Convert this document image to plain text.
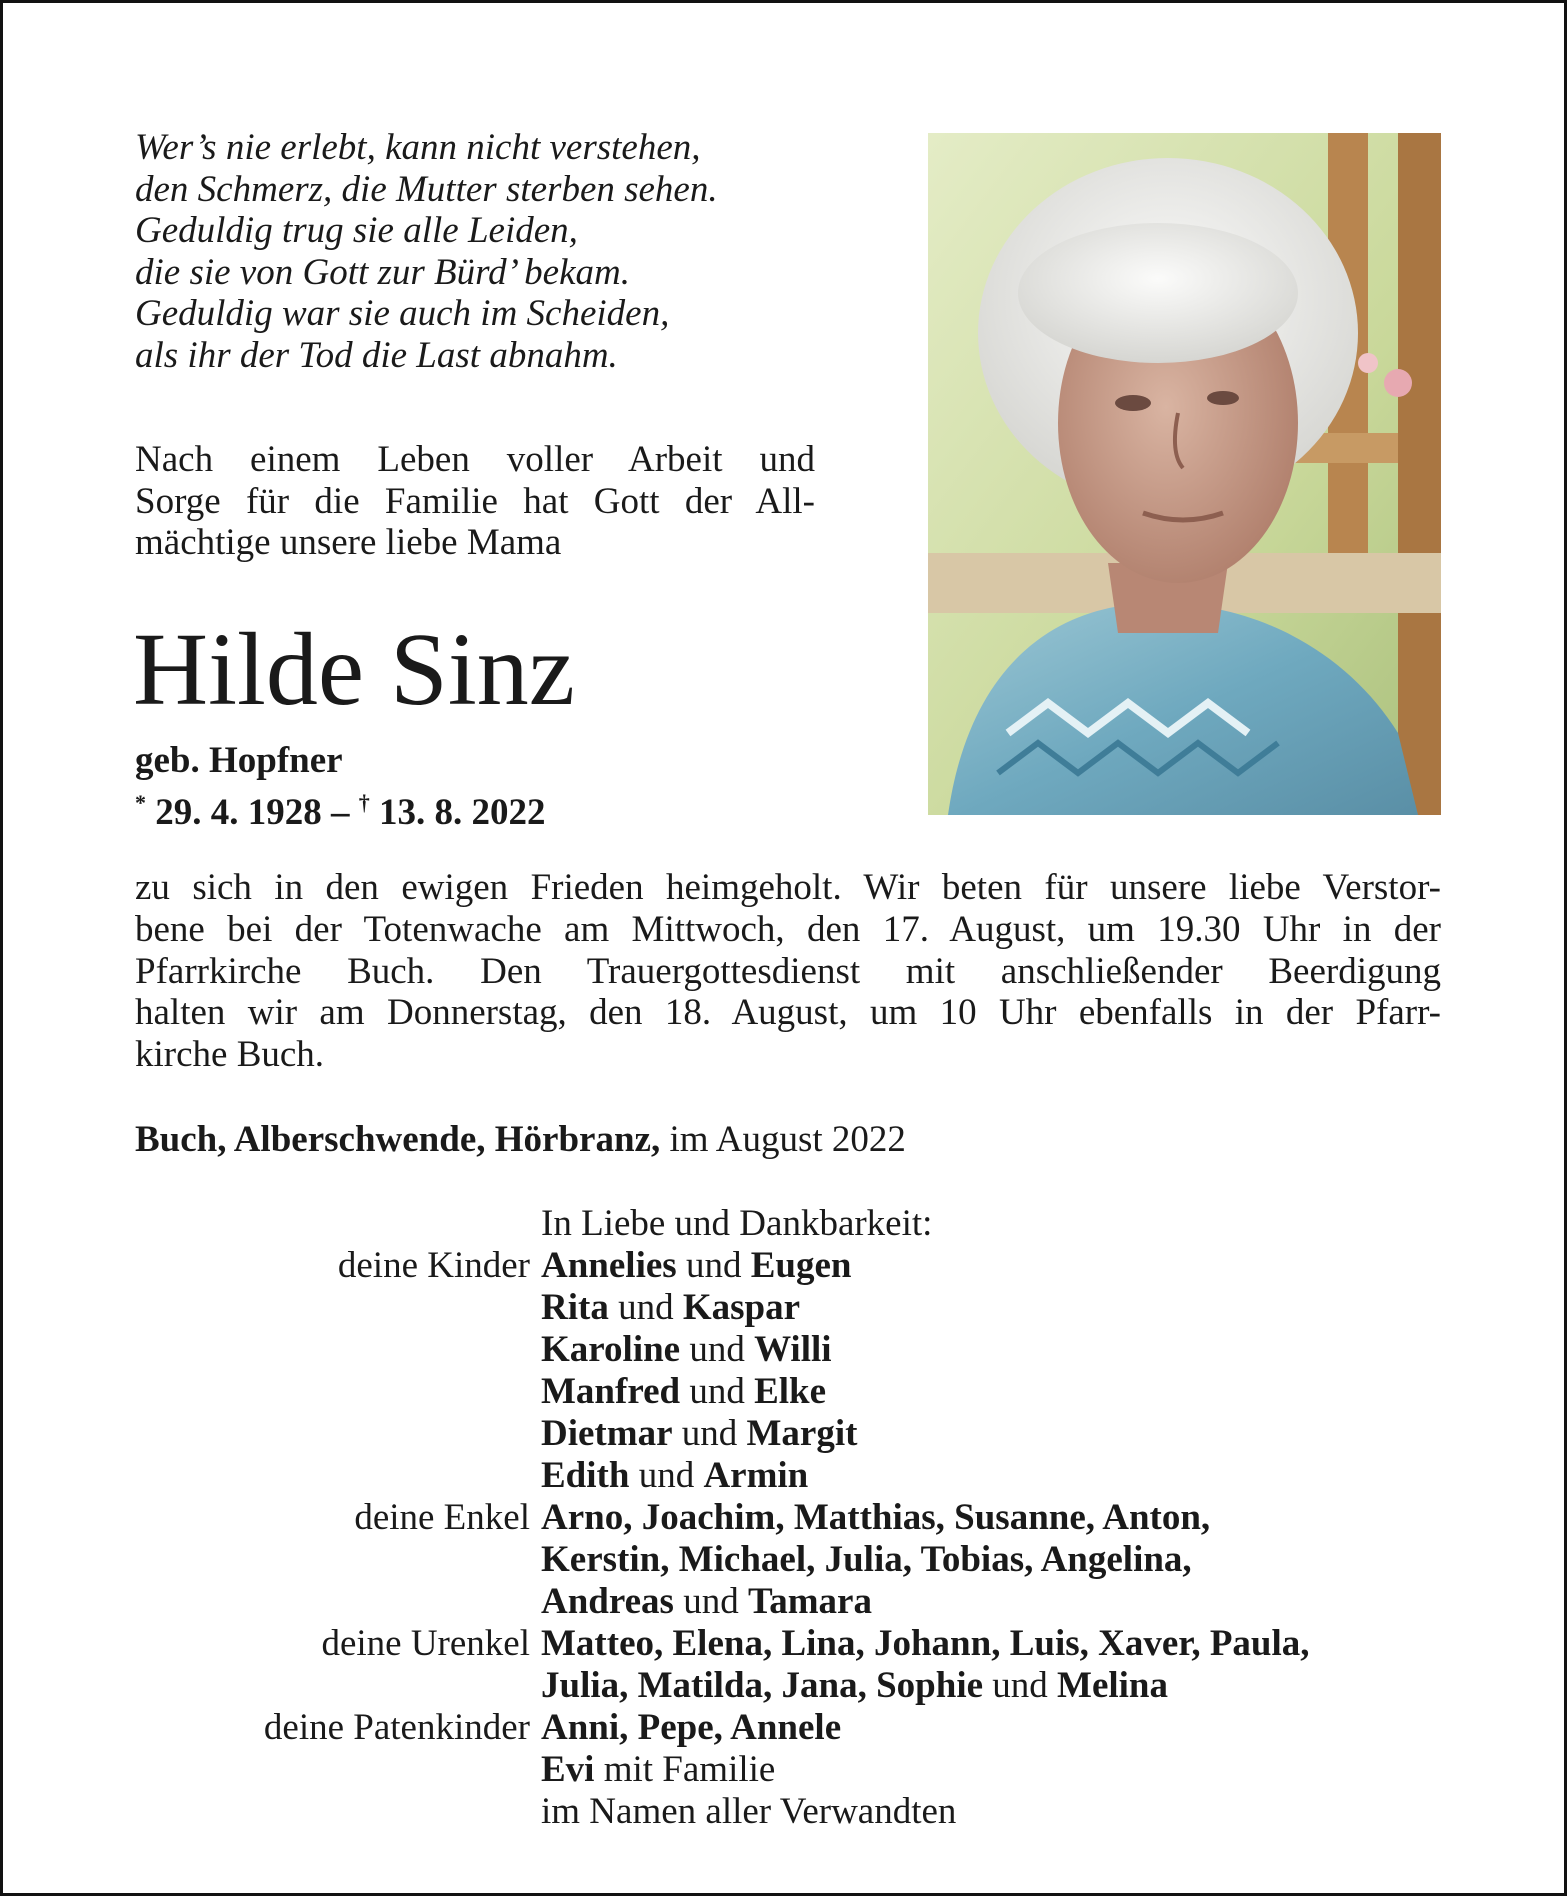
Wer’s nie erlebt, kann nicht verstehen,
den Schmerz, die Mutter sterben sehen.
Geduldig trug sie alle Leiden,
die sie von Gott zur Bürd’ bekam.
Geduldig war sie auch im Scheiden,
als ihr der Tod die Last abnahm.
Nach einem Leben voller Arbeit und
Sorge für die Familie hat Gott der All-
mächtige unsere liebe Mama
Hilde Sinz
geb. Hopfner
* 29. 4. 1928 – † 13. 8. 2022
zu sich in den ewigen Frieden heimgeholt. Wir beten für unsere liebe Verstor-
bene bei der Totenwache am Mittwoch, den 17. August, um 19.30 Uhr in der
Pfarrkirche Buch. Den Trauergottesdienst mit anschließender Beerdigung
halten wir am Donnerstag, den 18. August, um 10 Uhr ebenfalls in der Pfarr-
kirche Buch.
Buch, Alberschwende, Hörbranz, im August 2022
In Liebe und Dankbarkeit:
deine Kinder Annelies und Eugen
Rita und Kaspar
Karoline und Willi
Manfred und Elke
Dietmar und Margit
Edith und Armin
deine Enkel Arno, Joachim, Matthias, Susanne, Anton,
Kerstin, Michael, Julia, Tobias, Angelina,
Andreas und Tamara
deine Urenkel Matteo, Elena, Lina, Johann, Luis, Xaver, Paula,
Julia, Matilda, Jana, Sophie und Melina
deine Patenkinder Anni, Pepe, Annele
Evi mit Familie
im Namen aller Verwandten
